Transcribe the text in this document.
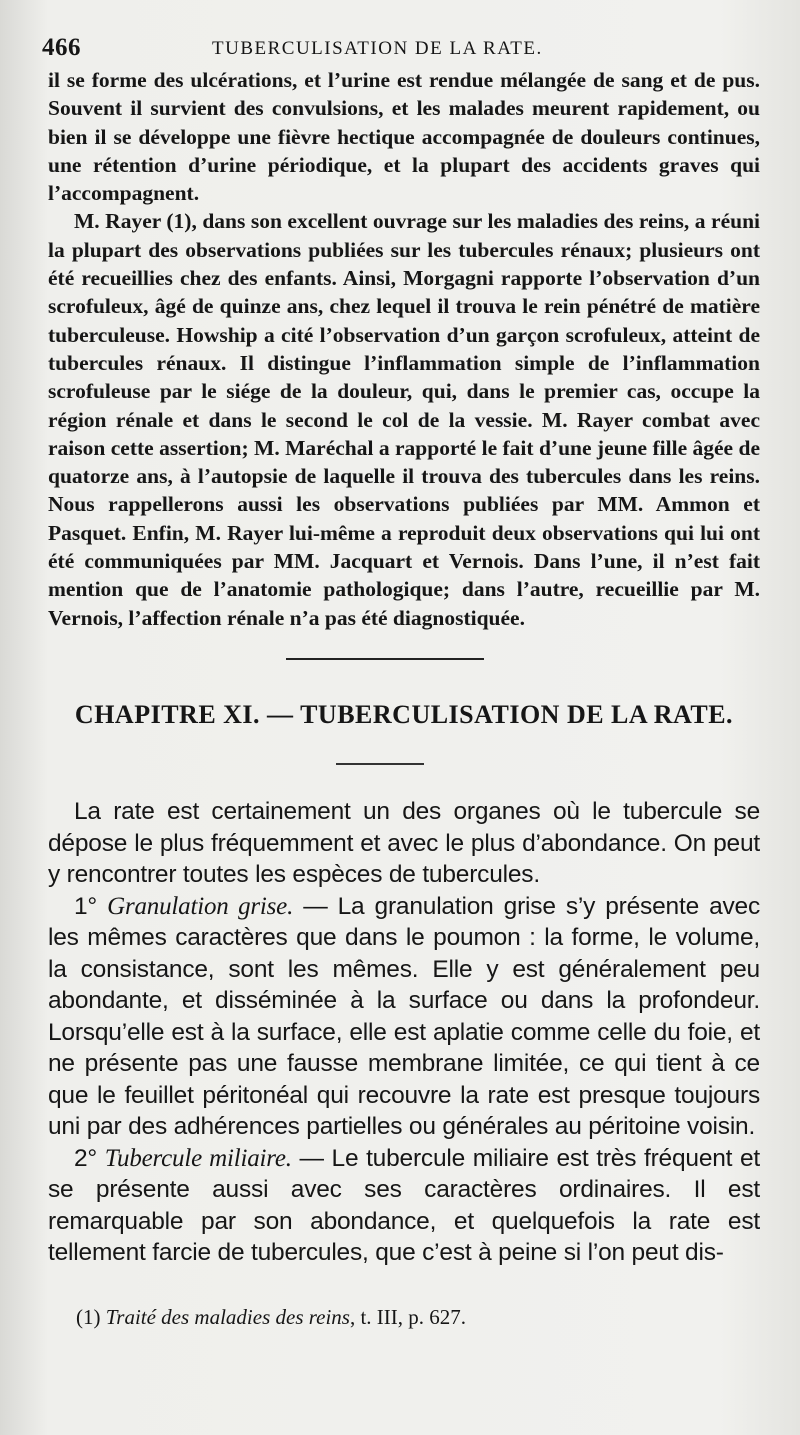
466	TUBERCULISATION DE LA RATE.

il se forme des ulcérations, et l’urine est rendue mélangée de sang et de pus. Souvent il survient des convulsions, et les malades meurent rapidement, ou bien il se développe une fièvre hectique accompagnée de douleurs continues, une rétention d’urine périodique, et la plupart des accidents graves qui l’accompagnent.

M. Rayer (1), dans son excellent ouvrage sur les maladies des reins, a réuni la plupart des observations publiées sur les tubercules rénaux; plusieurs ont été recueillies chez des enfants. Ainsi, Morgagni rapporte l’observation d’un scrofuleux, âgé de quinze ans, chez lequel il trouva le rein pénétré de matière tuberculeuse. Howship a cité l’observation d’un garçon scrofuleux, atteint de tubercules rénaux. Il distingue l’inflammation simple de l’inflammation scrofuleuse par le siége de la douleur, qui, dans le premier cas, occupe la région rénale et dans le second le col de la vessie. M. Rayer combat avec raison cette assertion; M. Maréchal a rapporté le fait d’une jeune fille âgée de quatorze ans, à l’autopsie de laquelle il trouva des tubercules dans les reins. Nous rappellerons aussi les observations publiées par MM. Ammon et Pasquet. Enfin, M. Rayer lui-même a reproduit deux observations qui lui ont été communiquées par MM. Jacquart et Vernois. Dans l’une, il n’est fait mention que de l’anatomie pathologique; dans l’autre, recueillie par M. Vernois, l’affection rénale n’a pas été diagnostiquée.

CHAPITRE XI. — TUBERCULISATION DE LA RATE.

La rate est certainement un des organes où le tubercule se dépose le plus fréquemment et avec le plus d’abondance. On peut y rencontrer toutes les espèces de tubercules.

1° Granulation grise. — La granulation grise s’y présente avec les mêmes caractères que dans le poumon : la forme, le volume, la consistance, sont les mêmes. Elle y est généralement peu abondante, et disséminée à la surface ou dans la profondeur. Lorsqu’elle est à la surface, elle est aplatie comme celle du foie, et ne présente pas une fausse membrane limitée, ce qui tient à ce que le feuillet péritonéal qui recouvre la rate est presque toujours uni par des adhérences partielles ou générales au péritoine voisin.

2° Tubercule miliaire. — Le tubercule miliaire est très fréquent et se présente aussi avec ses caractères ordinaires. Il est remarquable par son abondance, et quelquefois la rate est tellement farcie de tubercules, que c’est à peine si l’on peut dis-

(1) Traité des maladies des reins, t. III, p. 627.
